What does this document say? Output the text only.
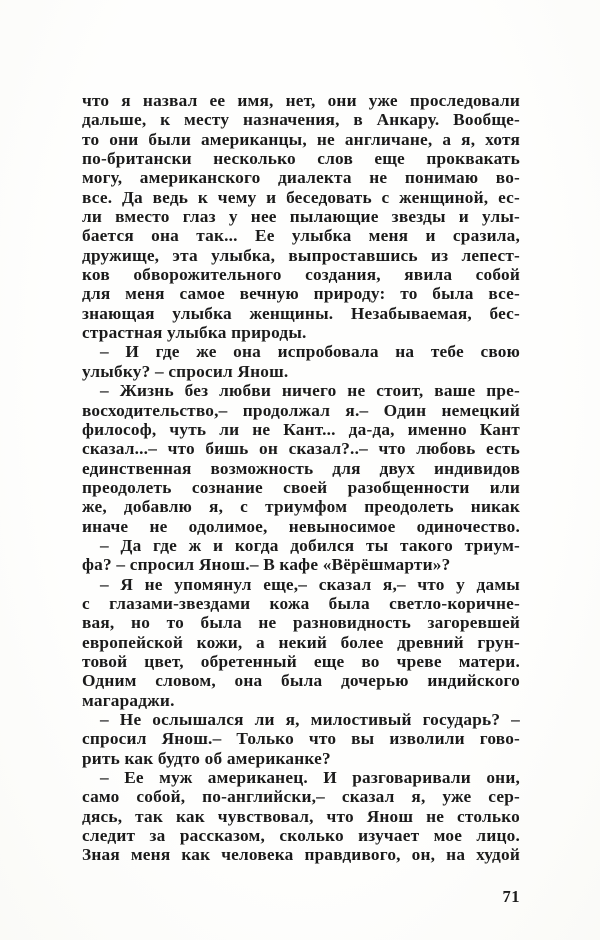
что я назвал ее имя, нет, они уже проследовали
дальше, к месту назначения, в Анкару. Вообще-
то они были американцы, не англичане, а я, хотя
по-британски несколько слов еще проквакать
могу, американского диалекта не понимаю во-
все. Да ведь к чему и беседовать с женщиной, ес-
ли вместо глаз у нее пылающие звезды и улы-
бается она так... Ее улыбка меня и сразила,
дружище, эта улыбка, выпроставшись из лепест-
ков обворожительного создания, явила собой
для меня самое вечную природу: то была все-
знающая улыбка женщины. Незабываемая, бес-
страстная улыбка природы.
– И где же она испробовала на тебе свою
улыбку? – спросил Янош.
– Жизнь без любви ничего не стоит, ваше пре-
восходительство,– продолжал я.– Один немецкий
философ, чуть ли не Кант... да-да, именно Кант
сказал...– что бишь он сказал?..– что любовь есть
единственная возможность для двух индивидов
преодолеть сознание своей разобщенности или
же, добавлю я, с триумфом преодолеть никак
иначе не одолимое, невыносимое одиночество.
– Да где ж и когда добился ты такого триум-
фа? – спросил Янош.– В кафе «Вёрёшмарти»?
– Я не упомянул еще,– сказал я,– что у дамы
с глазами-звездами кожа была светло-коричне-
вая, но то была не разновидность загоревшей
европейской кожи, а некий более древний грун-
товой цвет, обретенный еще во чреве матери.
Одним словом, она была дочерью индийского
магараджи.
– Не ослышался ли я, милостивый государь? –
спросил Янош.– Только что вы изволили гово-
рить как будто об американке?
– Ее муж американец. И разговаривали они,
само собой, по-английски,– сказал я, уже сер-
дясь, так как чувствовал, что Янош не столько
следит за рассказом, сколько изучает мое лицо.
Зная меня как человека правдивого, он, на худой
71
